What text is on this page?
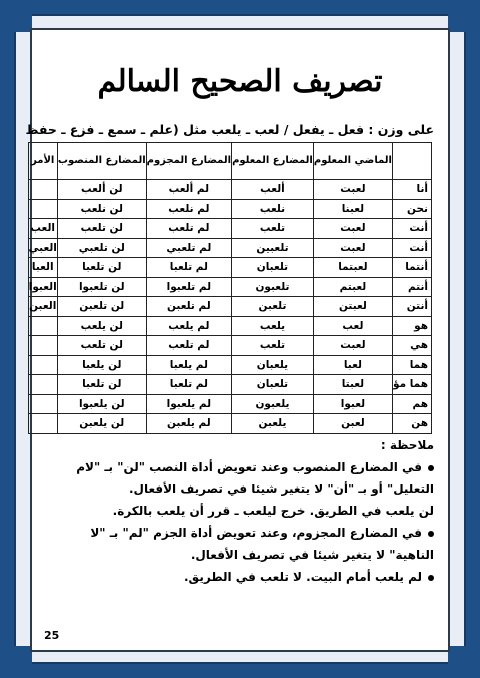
تصريف الصحيح السالم
على وزن : فعل ـ يفعل / لعب ـ يلعب مثل (علم ـ سمع ـ فزع ـ حفظ
	الماضي المعلوم	المضارع المعلوم	المضارع المجزوم	المضارع المنصوب	الأمر
أنا	لعبت	ألعب	لم ألعب	لن ألعب	
نحن	لعبنا	نلعب	لم نلعب	لن نلعب	
أنت	لعبت	تلعب	لم تلعب	لن تلعب	العب
أنت	لعبت	تلعبين	لم تلعبي	لن تلعبي	العبي
أنتما	لعبتما	تلعبان	لم تلعبا	لن تلعبا	العبا
أنتم	لعبتم	تلعبون	لم تلعبوا	لن تلعبوا	العبوا
أنتن	لعبتن	تلعبن	لم تلعبن	لن تلعبن	العبن
هو	لعب	يلعب	لم يلعب	لن يلعب	
هي	لعبت	تلعب	لم تلعب	لن تلعب	
هما	لعبا	يلعبان	لم يلعبا	لن يلعبا	
هما مؤ	لعبتا	تلعبان	لم تلعبا	لن تلعبا	
هم	لعبوا	يلعبون	لم يلعبوا	لن يلعبوا	
هن	لعبن	يلعبن	لم يلعبن	لن يلعبن	
ملاحظة :
في المضارع المنصوب وعند تعويض أداة النصب "لن" بـ "لام
التعليل" أو بـ "أن" لا يتغير شيئا في تصريف الأفعال.
لن يلعب في الطريق. خرج ليلعب ـ قرر أن يلعب بالكرة.
في المضارع المجزوم، وعند تعويض أداة الجزم "لم" بـ "لا
الناهية" لا يتغير شيئا في تصريف الأفعال.
لم يلعب أمام البيت. لا تلعب في الطريق.
25
